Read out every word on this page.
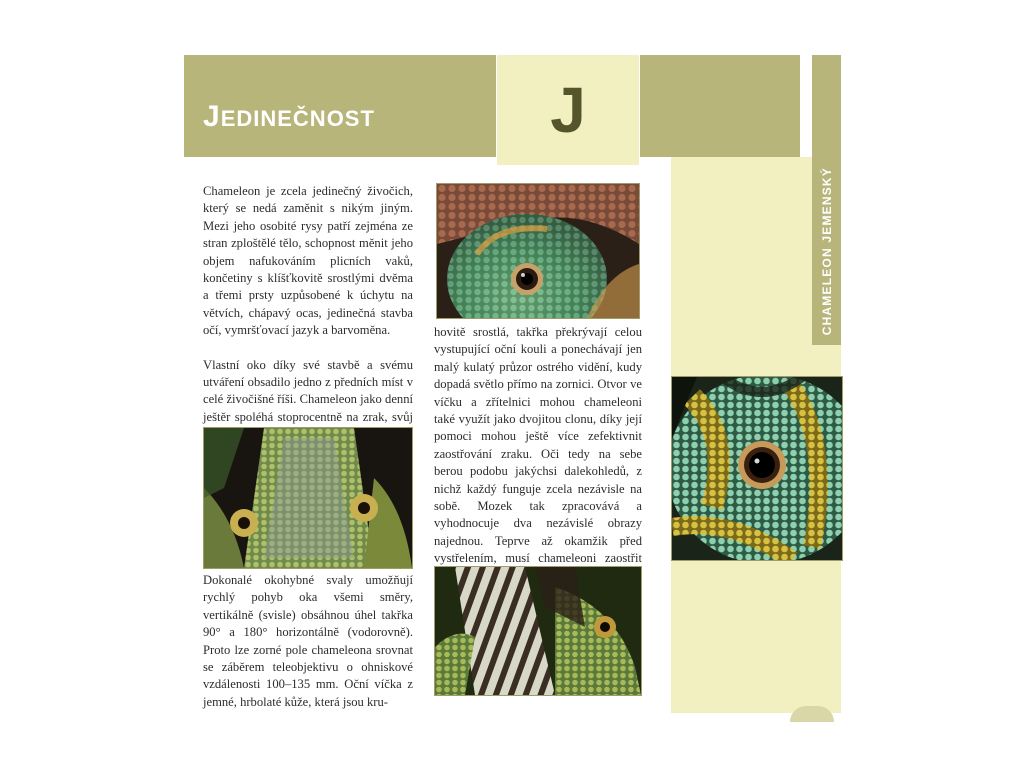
J
JEDINEČNOST
CHAMELEON JEMENSKÝ

Chameleon je zcela jedinečný živočich, který se nedá zaměnit s nikým jiným. Mezi jeho osobité rysy patří zejména ze stran zploštělé tělo, schopnost měnit jeho objem nafukováním plicních vaků, končetiny s klíšťkovitě srostlými dvěma a třemi prsty uzpůsobené k úchytu na větvích, chápavý ocas, jedinečná stavba očí, vymršťovací jazyk a barvoměna.

Vlastní oko díky své stavbě a svému utváření obsadilo jedno z předních míst v celé živočišné říši. Chameleon jako denní ještěr spoléhá stoprocentně na zrak, svůj

Dokonalé okohybné svaly umožňují rychlý pohyb oka všemi směry, vertikálně (svisle) obsáhnou úhel takřka 90° a 180° horizontálně (vodorovně). Proto lze zorné pole chameleona srovnat se záběrem teleobjektivu o ohniskové vzdálenosti 100–135 mm. Oční víčka z jemné, hrbolaté kůže, která jsou kru-

hovitě srostlá, takřka překrývají celou vystupující oční kouli a ponechávají jen malý kulatý průzor ostrého vidění, kudy dopadá světlo přímo na zornici. Otvor ve víčku a zřítelnici mohou chameleoni také využít jako dvojitou clonu, díky její pomoci mohou ještě více zefektivnit zaostřování zraku. Oči tedy na sebe berou podobu jakýchsi dalekohledů, z nichž každý funguje zcela nezávisle na sobě. Mozek tak zpracovává a vyhodnocuje dva nezávislé obrazy najednou. Teprve až okamžik před vystřelením, musí chameleoni zaostřit
